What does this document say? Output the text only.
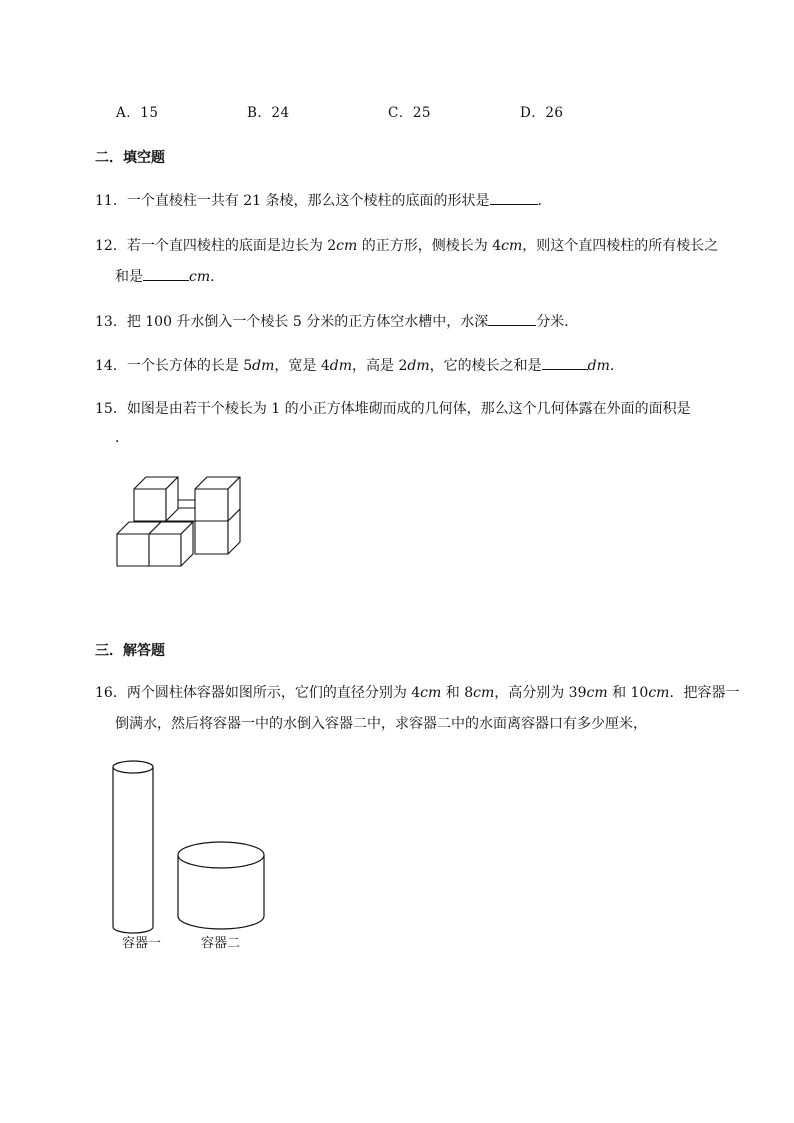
A．15	B．24	C．25	D．26
二．填空题
11．一个直棱柱一共有 21 条棱，那么这个棱柱的底面的形状是	．
12．若一个直四棱柱的底面是边长为 2cm 的正方形，侧棱长为 4cm，则这个直四棱柱的所有棱长之
和是	cm．
13．把 100 升水倒入一个棱长 5 分米的正方体空水槽中，水深	分米．
14．一个长方体的长是 5dm，宽是 4dm，高是 2dm，它的棱长之和是	dm．
15．如图是由若干个棱长为 1 的小正方体堆砌而成的几何体，那么这个几何体露在外面的面积是
．
三．解答题
16．两个圆柱体容器如图所示，它们的直径分别为 4cm 和 8cm，高分别为 39cm 和 10cm．把容器一
倒满水，然后将容器一中的水倒入容器二中，求容器二中的水面离容器口有多少厘米，
容器一	容器二
